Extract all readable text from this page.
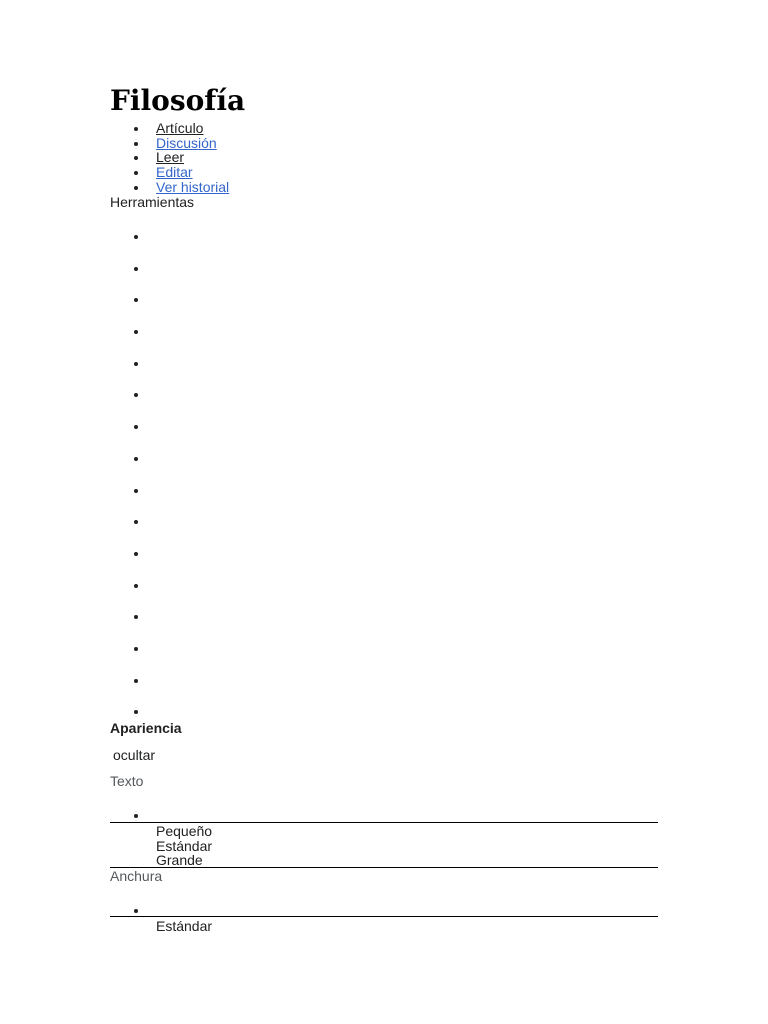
Filosofía
Artículo
Discusión
Leer
Editar
Ver historial
Herramientas
Apariencia
ocultar
Texto
Pequeño
Estándar
Grande
Anchura
Estándar
